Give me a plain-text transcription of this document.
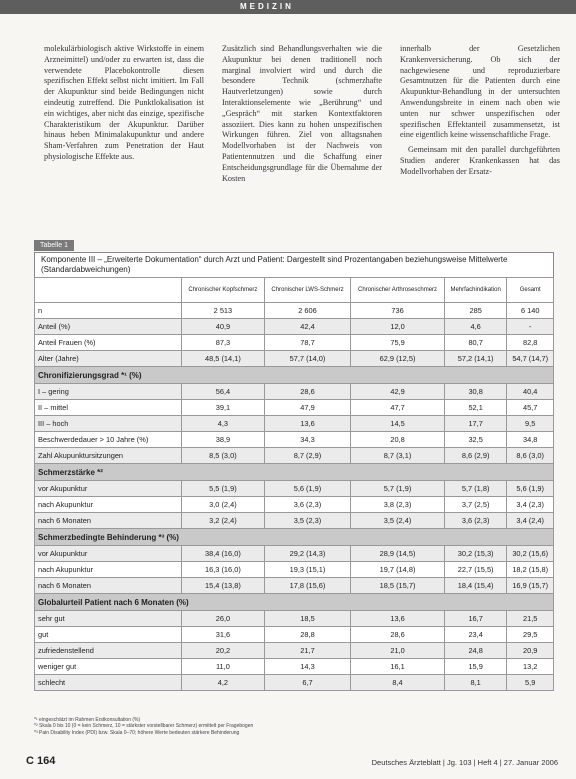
MEDIZIN

molekulärbiologisch aktive Wirkstoffe in einem Arzneimittel) und/oder zu erwarten ist, dass die verwendete Placebokontrolle diesen spezifischen Effekt selbst nicht imitiert. Im Fall der Akupunktur sind beide Bedingungen nicht eindeutig zutreffend. Die Punktlokalisation ist ein wichtiges, aber nicht das einzige, spezifische Charakteristikum der Akupunktur. Darüber hinaus heben Minimalakupunktur und andere Sham-Verfahren zum Penetration der Haut physiologische Effekte aus.

Zusätzlich sind Behandlungsverhalten wie die Akupunktur bei denen traditionell noch marginal involviert wird und durch die besondere Technik (schmerzhafte Hautverletzungen) sowie durch Interaktionselemente wie „Berührung“ und „Gespräch“ mit starken Kontextfaktoren assoziiert. Dies kann zu hohen unspezifischen Wirkungen führen. Ziel von alltagsnahen Modellvorhaben ist der Nachweis von Patientennutzen und die Schaffung einer Entscheidungsgrundlage für die Übernahme der Kosten

innerhalb der Gesetzlichen Krankenversicherung. Ob sich der nachgewiesene und reproduzierbare Gesamtnutzen für die Patienten durch eine Akupunktur-Behandlung in der untersuchten Anwendungsbreite in einem nach oben wie unten nur schwer unspezifischen oder spezifischen Effektanteil zusammensetzt, ist eine eigentlich keine wissenschaftliche Frage.

Gemeinsam mit den parallel durchgeführten Studien anderer Krankenkassen hat das Modellvorhaben der Ersatz-

Tabelle 1
Komponente III – „Erweiterte Dokumentation“ durch Arzt und Patient: Dargestellt sind Prozentangaben beziehungsweise Mittelwerte (Standardabweichungen)
	Chronischer Kopfschmerz	Chronischer LWS-Schmerz	Chronischer Arthroseschmerz	Mehrfachindikation	Gesamt
n	2 513	2 606	736	285	6 140
Anteil (%)	40,9	42,4	12,0	4,6	-
Anteil Frauen (%)	87,3	78,7	75,9	80,7	82,8
Alter (Jahre)	48,5 (14,1)	57,7 (14,0)	62,9 (12,5)	57,2 (14,1)	54,7 (14,7)
Chronifizierungsgrad *¹ (%)					
I – gering	56,4	28,6	42,9	30,8	40,4
II – mittel	39,1	47,9	47,7	52,1	45,7
III – hoch	4,3	13,6	14,5	17,7	9,5
Beschwerdedauer > 10 Jahre (%)	38,9	34,3	20,8	32,5	34,8
Zahl Akupunktursitzungen	8,5 (3,0)	8,7 (2,9)	8,7 (3,1)	8,6 (2,9)	8,6 (3,0)
Schmerzstärke *²					
vor Akupunktur	5,5 (1,9)	5,6 (1,9)	5,7 (1,9)	5,7 (1,8)	5,6 (1,9)
nach Akupunktur	3,0 (2,4)	3,6 (2,3)	3,8 (2,3)	3,7 (2,5)	3,4 (2,3)
nach 6 Monaten	3,2 (2,4)	3,5 (2,3)	3,5 (2,4)	3,6 (2,3)	3,4 (2,4)
Schmerzbedingte Behinderung *³ (%)					
vor Akupunktur	38,4 (16,0)	29,2 (14,3)	28,9 (14,5)	30,2 (15,3)	30,2 (15,6)
nach Akupunktur	16,3 (16,0)	19,3 (15,1)	19,7 (14,8)	22,7 (15,5)	18,2 (15,8)
nach 6 Monaten	15,4 (13,8)	17,8 (15,6)	18,5 (15,7)	18,4 (15,4)	16,9 (15,7)
Globalurteil Patient nach 6 Monaten (%)					
sehr gut	26,0	18,5	13,6	16,7	21,5
gut	31,6	28,8	28,6	23,4	29,5
zufriedenstellend	20,2	21,7	21,0	24,8	20,9
weniger gut	11,0	14,3	16,1	15,9	13,2
schlecht	4,2	6,7	8,4	8,1	5,9
*¹ eingeschätzt im Rahmen Erstkonsultation (%)
*² Skala 0 bis 10 (0 = kein Schmerz, 10 = stärkster vorstellbarer Schmerz) ermittelt per Fragebogen
*³ Pain Disability Index (PDI) bzw. Skala 0–70; höhere Werte bedeuten stärkere Behinderung
C 164	Deutsches Ärzteblatt | Jg. 103 | Heft 4 | 27. Januar 2006
